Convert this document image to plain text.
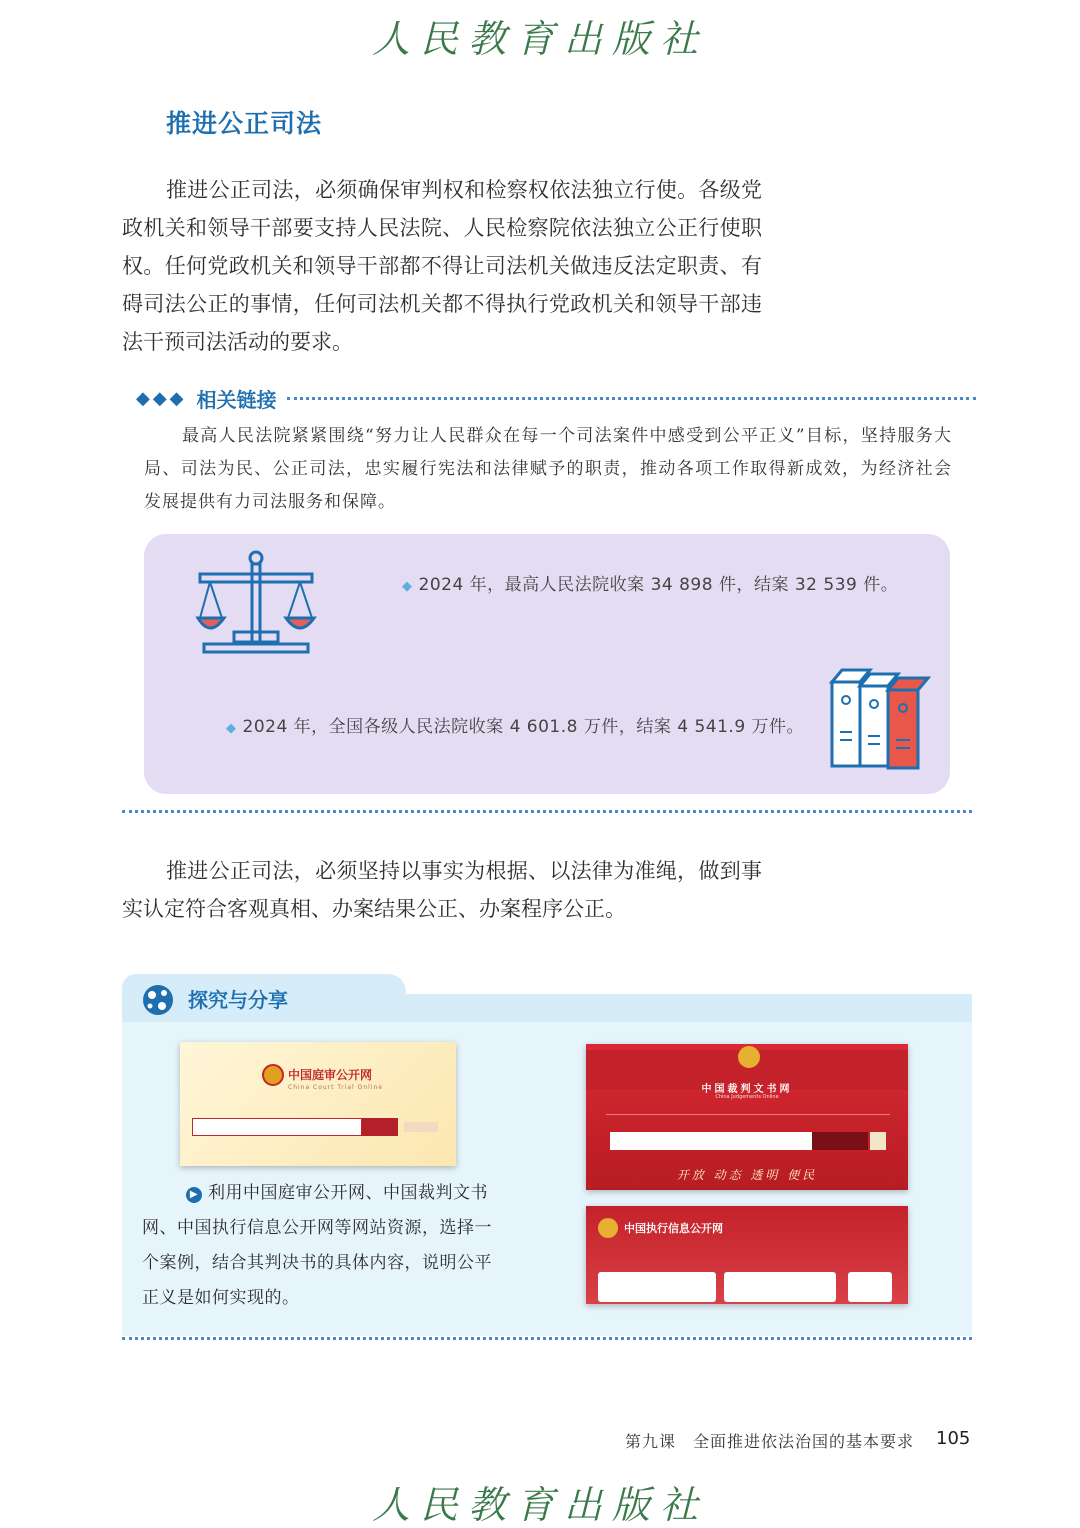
人民教育出版社
推进公正司法

推进公正司法，必须确保审判权和检察权依法独立行使。各级党政机关和领导干部要支持人民法院、人民检察院依法独立公正行使职权。任何党政机关和领导干部都不得让司法机关做违反法定职责、有碍司法公正的事情，任何司法机关都不得执行党政机关和领导干部违法干预司法活动的要求。

◆◆◆ 相关链接

最高人民法院紧紧围绕“努力让人民群众在每一个司法案件中感受到公平正义”目标，坚持服务大局、司法为民、公正司法，忠实履行宪法和法律赋予的职责，推动各项工作取得新成效，为经济社会发展提供有力司法服务和保障。

◆ 2024 年，最高人民法院收案 34 898 件，结案 32 539 件。
◆ 2024 年，全国各级人民法院收案 4 601.8 万件，结案 4 541.9 万件。

推进公正司法，必须坚持以事实为根据、以法律为准绳，做到事实认定符合客观真相、办案结果公正、办案程序公正。

探究与分享
中国庭审公开网
China Court Trial Online
▶ 利用中国庭审公开网、中国裁判文书网、中国执行信息公开网等网站资源，选择一个案例，结合其判决书的具体内容，说明公平正义是如何实现的。
中国裁判文书网
China Judgements Online
开放 动态 透明 便民
中国执行信息公开网
第九课　全面推进依法治国的基本要求 105
人民教育出版社
